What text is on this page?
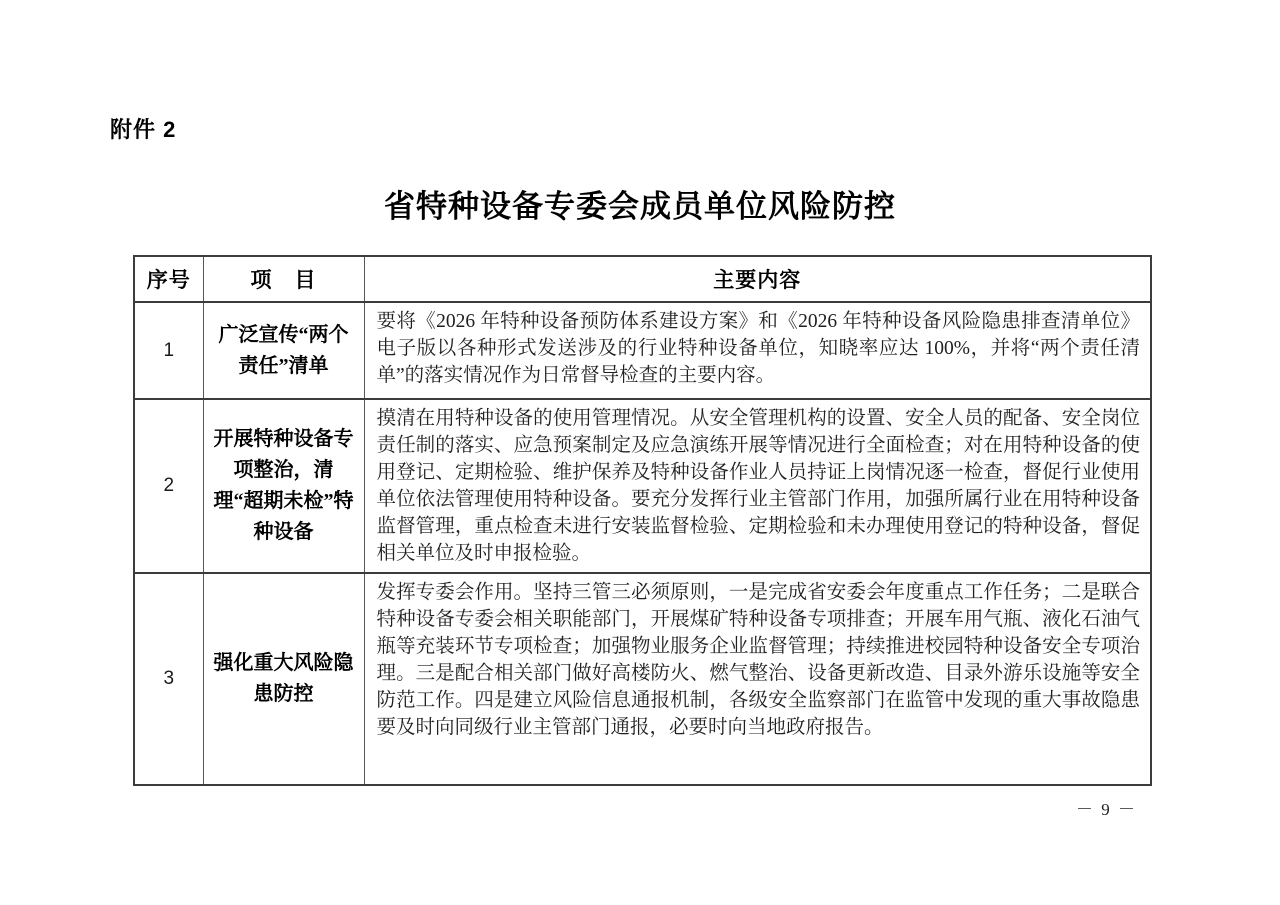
附件 2
省特种设备专委会成员单位风险防控
序号	项　目	主要内容
1	广泛宣传“两个责任”清单	要将《2026 年特种设备预防体系建设方案》和《2026 年特种设备风险隐患排查清单位》电子版以各种形式发送涉及的行业特种设备单位，知晓率应达 100%，并将“两个责任清单”的落实情况作为日常督导检查的主要内容。
2	开展特种设备专项整治，清理“超期未检”特种设备	摸清在用特种设备的使用管理情况。从安全管理机构的设置、安全人员的配备、安全岗位责任制的落实、应急预案制定及应急演练开展等情况进行全面检查；对在用特种设备的使用登记、定期检验、维护保养及特种设备作业人员持证上岗情况逐一检查，督促行业使用单位依法管理使用特种设备。要充分发挥行业主管部门作用，加强所属行业在用特种设备监督管理，重点检查未进行安装监督检验、定期检验和未办理使用登记的特种设备，督促相关单位及时申报检验。
3	强化重大风险隐患防控	发挥专委会作用。坚持三管三必须原则，一是完成省安委会年度重点工作任务；二是联合特种设备专委会相关职能部门，开展煤矿特种设备专项排查；开展车用气瓶、液化石油气瓶等充装环节专项检查；加强物业服务企业监督管理；持续推进校园特种设备安全专项治理。三是配合相关部门做好高楼防火、燃气整治、设备更新改造、目录外游乐设施等安全防范工作。四是建立风险信息通报机制，各级安全监察部门在监管中发现的重大事故隐患要及时向同级行业主管部门通报，必要时向当地政府报告。
－ 9 －
